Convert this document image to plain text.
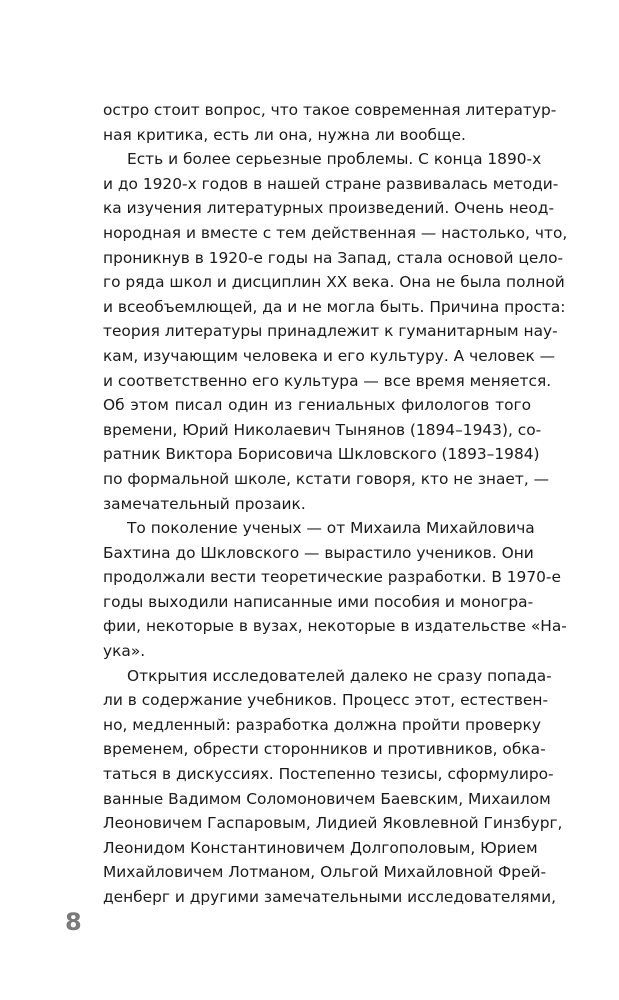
остро стоит вопрос, что такое современная литератур-
ная критика, есть ли она, нужна ли вообще.
Есть и более серьезные проблемы. С конца 1890-х
и до 1920-х годов в нашей стране развивалась методи-
ка изучения литературных произведений. Очень неод-
нородная и вместе с тем действенная — настолько, что,
проникнув в 1920-е годы на Запад, стала основой цело-
го ряда школ и дисциплин XX века. Она не была полной
и всеобъемлющей, да и не могла быть. Причина проста:
теория литературы принадлежит к гуманитарным нау-
кам, изучающим человека и его культуру. А человек —
и соответственно его культура — все время меняется.
Об этом писал один из гениальных филологов того
времени, Юрий Николаевич Тынянов (1894–1943), со-
ратник Виктора Борисовича Шкловского (1893–1984)
по формальной школе, кстати говоря, кто не знает, —
замечательный прозаик.
То поколение ученых — от Михаила Михайловича
Бахтина до Шкловского — вырастило учеников. Они
продолжали вести теоретические разработки. В 1970-е
годы выходили написанные ими пособия и моногра-
фии, некоторые в вузах, некоторые в издательстве «На-
ука».
Открытия исследователей далеко не сразу попада-
ли в содержание учебников. Процесс этот, естествен-
но, медленный: разработка должна пройти проверку
временем, обрести сторонников и противников, обка-
таться в дискуссиях. Постепенно тезисы, сформулиро-
ванные Вадимом Соломоновичем Баевским, Михаилом
Леоновичем Гаспаровым, Лидией Яковлевной Гинзбург,
Леонидом Константиновичем Долгополовым, Юрием
Михайловичем Лотманом, Ольгой Михайловной Фрей-
денберг и другими замечательными исследователями,
8
